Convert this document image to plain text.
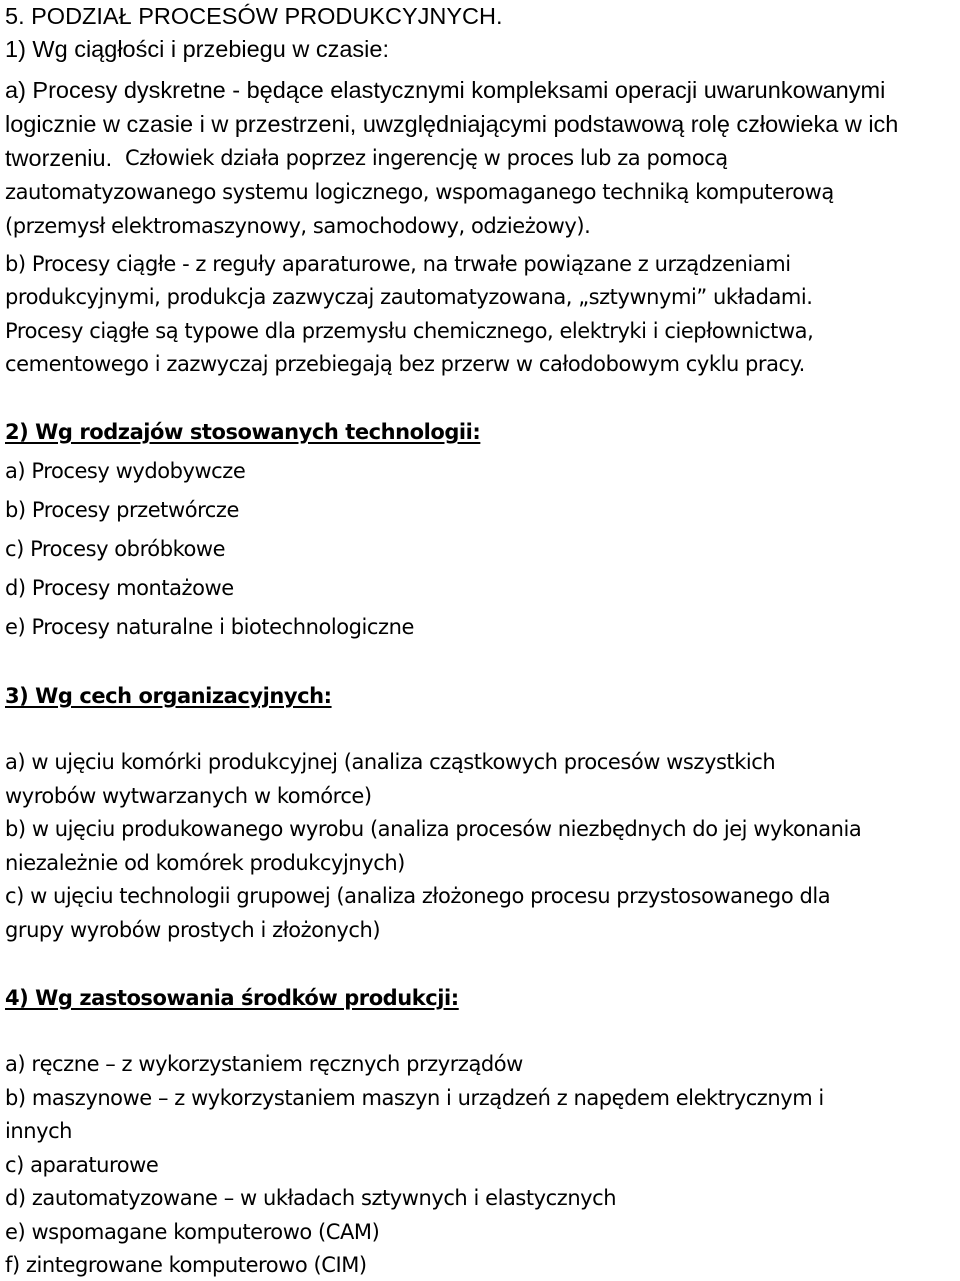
5. PODZIAŁ PROCESÓW PRODUKCYJNYCH.
1) Wg ciągłości i przebiegu w czasie:
a) Procesy dyskretne - będące elastycznymi kompleksami operacji uwarunkowanymi
logicznie w czasie i w przestrzeni, uwzględniającymi podstawową rolę człowieka w ich
tworzeniu. Człowiek działa poprzez ingerencję w proces lub za pomocą
zautomatyzowanego systemu logicznego, wspomaganego techniką komputerową
(przemysł elektromaszynowy, samochodowy, odzieżowy).
b) Procesy ciągłe - z reguły aparaturowe, na trwałe powiązane z urządzeniami
produkcyjnymi, produkcja zazwyczaj zautomatyzowana, „sztywnymi” układami.
Procesy ciągłe są typowe dla przemysłu chemicznego, elektryki i ciepłownictwa,
cementowego i zazwyczaj przebiegają bez przerw w całodobowym cyklu pracy.
2) Wg rodzajów stosowanych technologii:
a) Procesy wydobywcze
b) Procesy przetwórcze
c) Procesy obróbkowe
d) Procesy montażowe
e) Procesy naturalne i biotechnologiczne
3) Wg cech organizacyjnych:
a) w ujęciu komórki produkcyjnej (analiza cząstkowych procesów wszystkich
wyrobów wytwarzanych w komórce)
b) w ujęciu produkowanego wyrobu (analiza procesów niezbędnych do jej wykonania
niezależnie od komórek produkcyjnych)
c) w ujęciu technologii grupowej (analiza złożonego procesu przystosowanego dla
grupy wyrobów prostych i złożonych)
4) Wg zastosowania środków produkcji:
a) ręczne – z wykorzystaniem ręcznych przyrządów
b) maszynowe – z wykorzystaniem maszyn i urządzeń z napędem elektrycznym i
innych
c) aparaturowe
d) zautomatyzowane – w układach sztywnych i elastycznych
e) wspomagane komputerowo (CAM)
f) zintegrowane komputerowo (CIM)
